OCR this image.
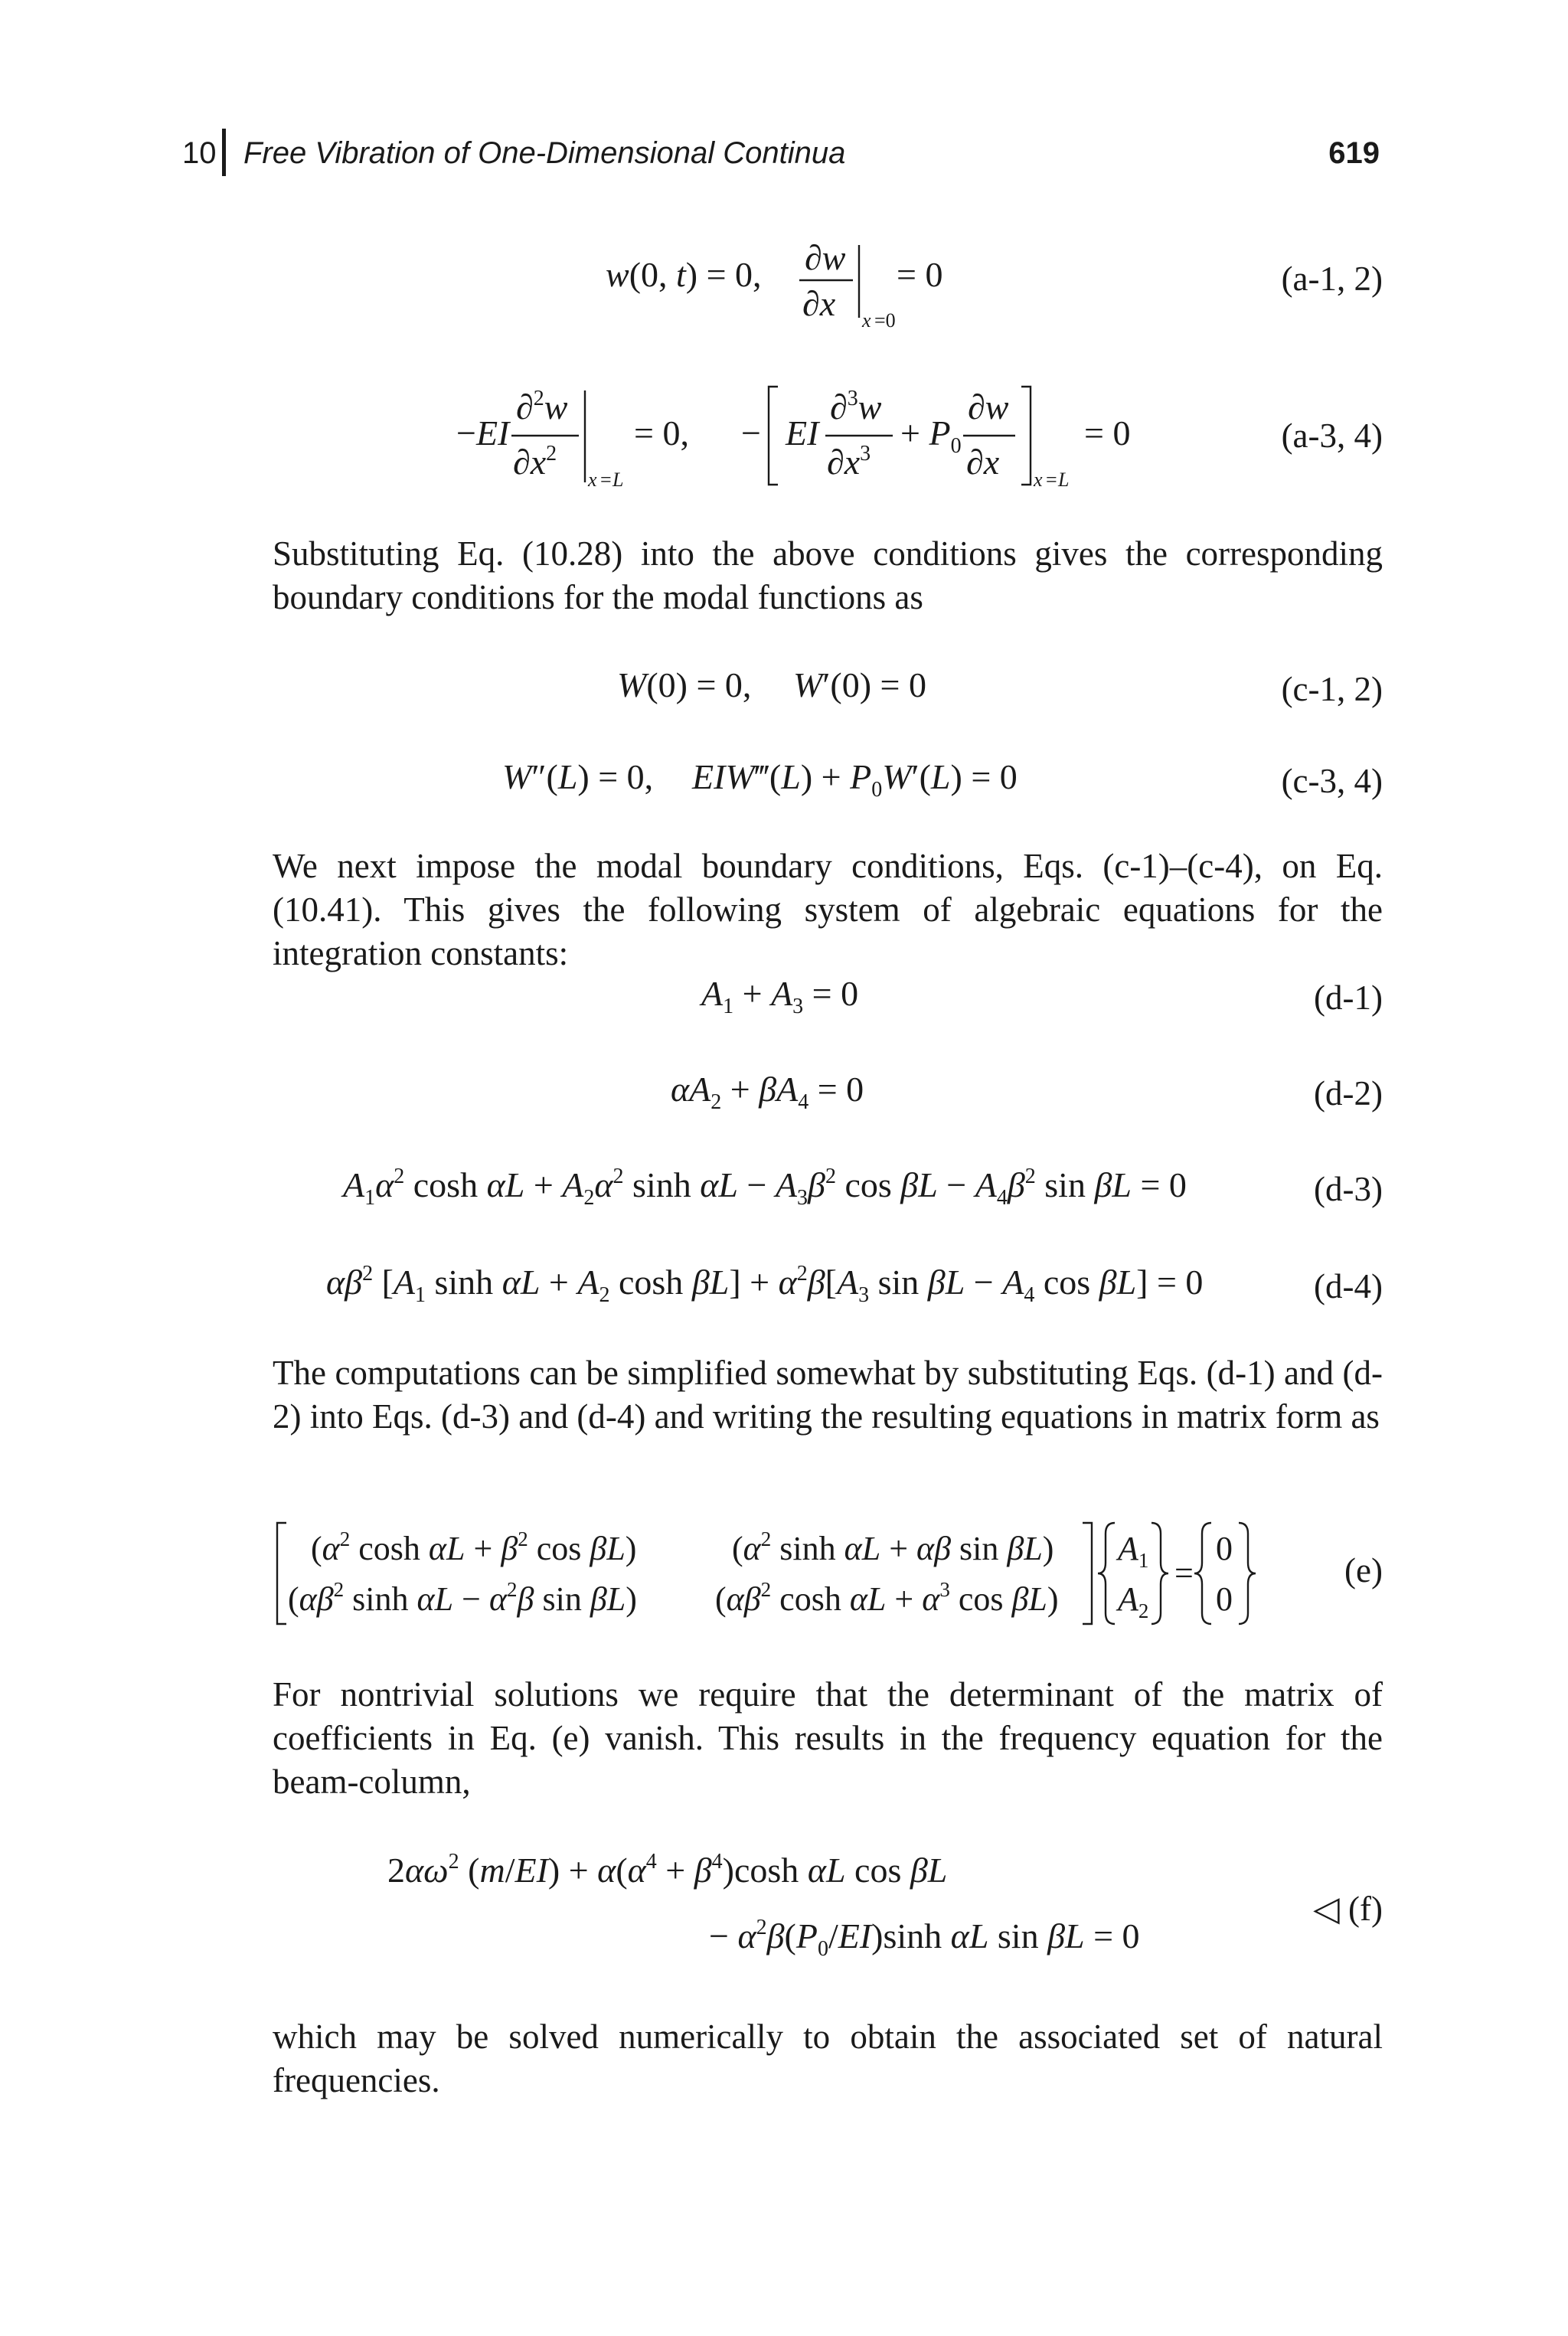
10 Free Vibration of One-Dimensional Continua	619
w(0, t) = 0, ∂w
∂x x =0
= 0	(a-1, 2)
−EI
∂$^2$w
$\partial x^2$
x = L
= 0, − EI
∂$^3$w
$\partial x^3$
+ $P_0$
∂w
∂x x = L
= 0	(a-3, 4)
Substituting Eq. (10.28) into the above conditions gives the corresponding boundary conditions for the modal functions as
W(0) = 0, W′(0) = 0	(c-1, 2)
W″(L) = 0, EIW‴(L) + $P_0W'(L) = 0$	(c-3, 4)
We next impose the modal boundary conditions, Eqs. (c-1)–(c-4), on Eq. (10.41). This gives the following system of algebraic equations for the integration constants:
$A_1 + A_3 = 0$	(d-1)
$\alpha A_2 + \beta A_4 = 0$	(d-2)
$A_1\alpha^2$ $\cosh \alpha L + A_2\alpha^2$ $\sinh \alpha L - A_3\beta^2$ $\cos \beta L - A_4\beta^2$ sin βL = 0	(d-3)
$\alpha\beta^2$ [$A_1$ $\sinh \alpha L + A_2$ $\cosh \beta L] + \alpha^2\beta[A_3$ $\sin \beta L - A_4$ cos βL] = 0	(d-4)
The computations can be simplified somewhat by substituting Eqs. (d-1) and (d-2) into Eqs. (d-3) and (d-4) and writing the resulting equations in matrix form as
($\alpha^2$ $\cosh \alpha L + \beta^2$ cos βL)	($\alpha^2$ sinh αL + αβ sin βL)
($\alpha\beta^2$ $\sinh \alpha L - \alpha^2\beta$ sin βL) ($\alpha\beta^2$ $\cosh \alpha L + \alpha^3$ cos βL)
$A_1$
$A_2$
=
0
0
(e)
For nontrivial solutions we require that the determinant of the matrix of coefficients in Eq. (e) vanish. This results in the frequency equation for the beam-column,
$2\alpha\omega^2$ $(m/EI) + \alpha(\alpha^4 + \beta^4)\cosh$ αL cos βL
− $\alpha^2\beta(P_0/EI)\sinh$ αL sin βL = 0
◁ (f)
which may be solved numerically to obtain the associated set of natural frequencies.
